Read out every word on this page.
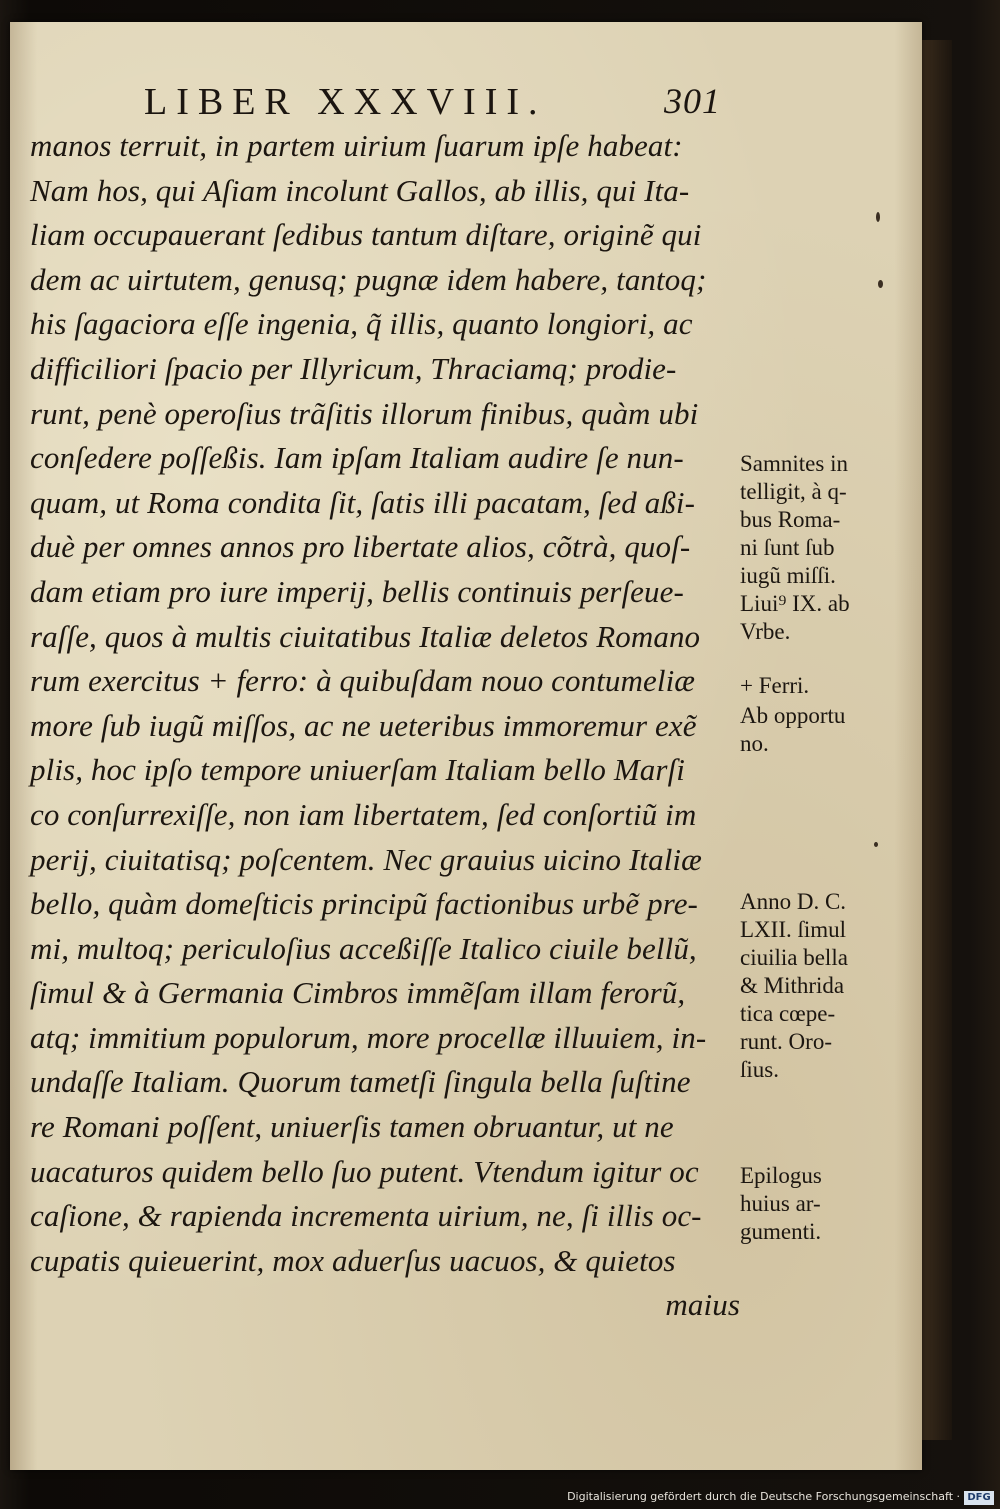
LIBER XXXVIII.	301
manos terruit, in partem uirium ſuarum ipſe habeat:
Nam hos, qui Aſiam incolunt Gallos, ab illis, qui Ita-
liam occupauerant ſedibus tantum diſtare, originẽ qui
dem ac uirtutem, genusq; pugnæ idem habere, tantoq;
his ſagaciora eſſe ingenia, q̃ illis, quanto longiori, ac
difficiliori ſpacio per Illyricum, Thraciamq; prodie-
runt, penè operoſius trãſitis illorum finibus, quàm ubi
conſedere poſſeßis. Iam ipſam Italiam audire ſe nun-
quam, ut Roma condita ſit, ſatis illi pacatam, ſed aßi-
duè per omnes annos pro libertate alios, cõtrà, quoſ-
dam etiam pro iure imperij, bellis continuis perſeue-
raſſe, quos à multis ciuitatibus Italiæ deletos Romano
rum exercitus + ferro: à quibuſdam nouo contumeliæ
more ſub iugũ miſſos, ac ne ueteribus immoremur exẽ
plis, hoc ipſo tempore uniuerſam Italiam bello Marſi
co conſurrexiſſe, non iam libertatem, ſed conſortiũ im
perij, ciuitatisq; poſcentem. Nec grauius uicino Italiæ
bello, quàm domeſticis principũ factionibus urbẽ pre-
mi, multoq; periculoſius acceßiſſe Italico ciuile bellũ,
ſimul & à Germania Cimbros immẽſam illam ferorũ,
atq; immitium populorum, more procellæ illuuiem, in-
undaſſe Italiam. Quorum tametſi ſingula bella ſuſtine
re Romani poſſent, uniuerſis tamen obruantur, ut ne
uacaturos quidem bello ſuo putent. Vtendum igitur oc
caſione, & rapienda incrementa uirium, ne, ſi illis oc-
cupatis quieuerint, mox aduerſus uacuos, & quietos
maius
Samnites in
telligit, à q-
bus Roma-
ni ſunt ſub
iugũ miſſi.
Liui⁹ IX. ab
Vrbe.
+ Ferri.
Ab opportu
no.
Anno D. C.
LXII. ſimul
ciuilia bella
& Mithrida
tica cœpe-
runt. Oro-
ſius.
Epilogus
huius ar-
gumenti.
Digitalisierung gefördert durch die Deutsche Forschungsgemeinschaft · DFG
